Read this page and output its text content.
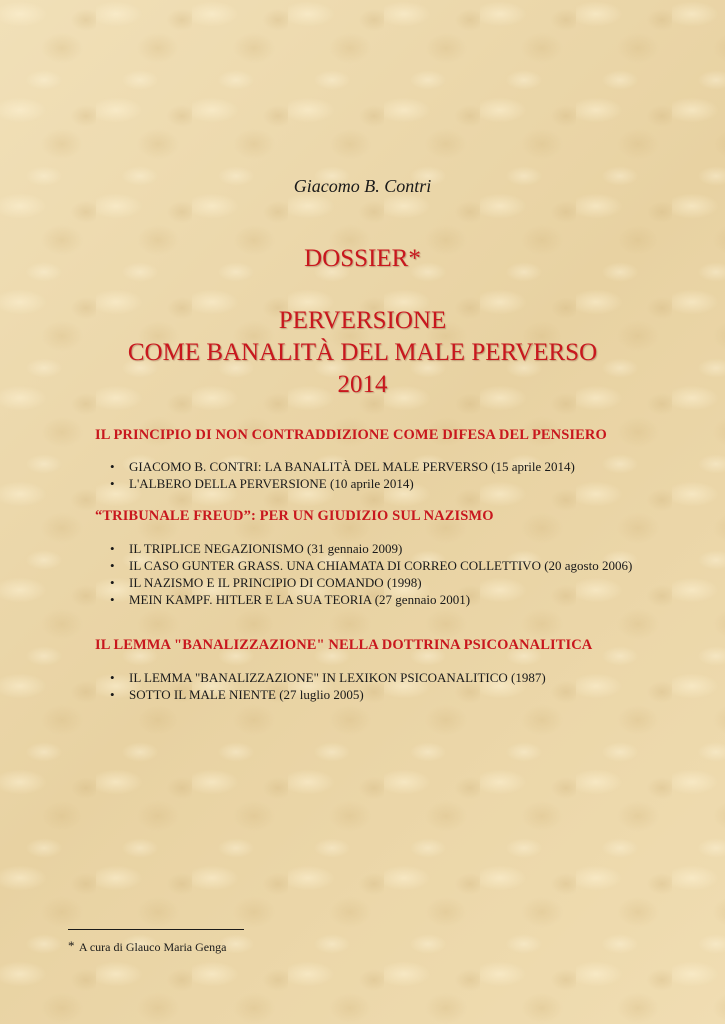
Giacomo B. Contri
DOSSIER*
PERVERSIONE
COME BANALITÀ DEL MALE PERVERSO
2014
IL PRINCIPIO DI NON CONTRADDIZIONE COME DIFESA DEL PENSIERO
• GIACOMO B. CONTRI: LA BANALITÀ DEL MALE PERVERSO (15 aprile 2014)
• L'ALBERO DELLA PERVERSIONE (10 aprile 2014)
“TRIBUNALE FREUD”: PER UN GIUDIZIO SUL NAZISMO
• IL TRIPLICE NEGAZIONISMO (31 gennaio 2009)
• IL CASO GUNTER GRASS. UNA CHIAMATA DI CORREO COLLETTIVO (20 agosto 2006)
• IL NAZISMO E IL PRINCIPIO DI COMANDO (1998)
• MEIN KAMPF. HITLER E LA SUA TEORIA (27 gennaio 2001)
IL LEMMA "BANALIZZAZIONE" NELLA DOTTRINA PSICOANALITICA
• IL LEMMA "BANALIZZAZIONE" IN LEXIKON PSICOANALITICO (1987)
• SOTTO IL MALE NIENTE (27 luglio 2005)
* A cura di Glauco Maria Genga
